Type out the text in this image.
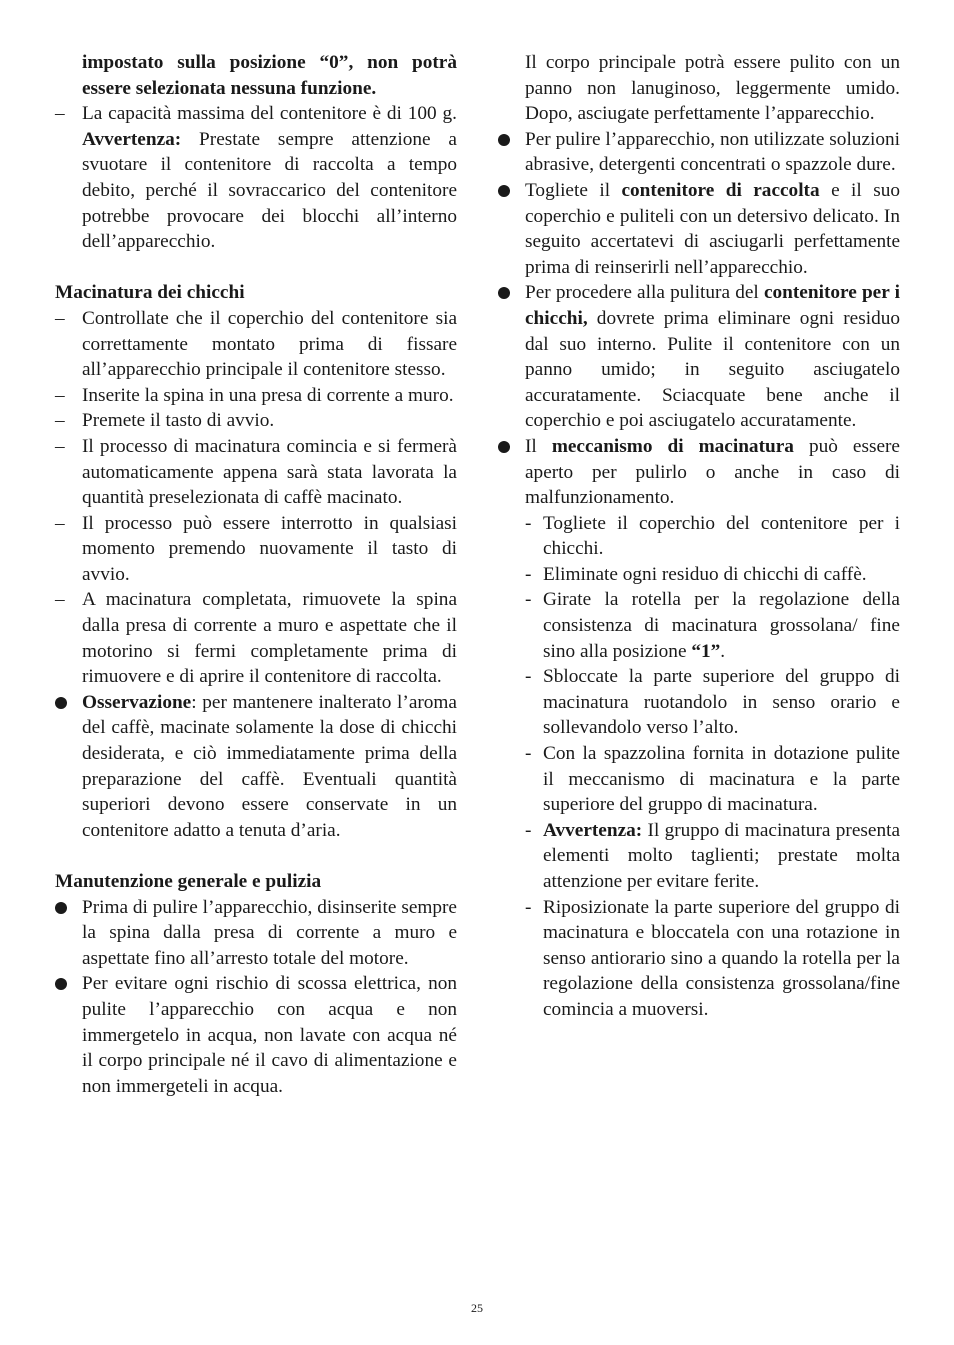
impostato sulla posizione “0”, non potrà essere selezionata nessuna funzione.

– La capacità massima del contenitore è di 100 g. Avvertenza: Prestate sempre attenzione a svuotare il contenitore di raccolta a tempo debito, perché il sovraccarico del contenitore potrebbe provocare dei blocchi all’interno dell’apparecchio.

Macinatura dei chicchi

– Controllate che il coperchio del contenitore sia correttamente montato prima di fissare all’apparecchio principale il contenitore stesso.
– Inserite la spina in una presa di corrente a muro.
– Premete il tasto di avvio.
– Il processo di macinatura comincia e si fermerà automaticamente appena sarà stata lavorata la quantità preselezionata di caffè macinato.
– Il processo può essere interrotto in qualsiasi momento premendo nuovamente il tasto di avvio.
– A macinatura completata, rimuovete la spina dalla presa di corrente a muro e aspettate che il motorino si fermi completamente prima di rimuovere e di aprire il contenitore di raccolta.
Osservazione: per mantenere inalterato l’aroma del caffè, macinate solamente la dose di chicchi desiderata, e ciò immediatamente prima della preparazione del caffè. Eventuali quantità superiori devono essere conservate in un contenitore adatto a tenuta d’aria.

Manutenzione generale e pulizia

Prima di pulire l’apparecchio, disinserite sempre la spina dalla presa di corrente a muro e aspettate fino all’arresto totale del motore.
Per evitare ogni rischio di scossa elettrica, non pulite l’apparecchio con acqua e non immergetelo in acqua, non lavate con acqua né il corpo principale né il cavo di alimentazione e non immergeteli in acqua.

Il corpo principale potrà essere pulito con un panno non lanuginoso, leggermente umido. Dopo, asciugate perfettamente l’apparecchio.

Per pulire l’apparecchio, non utilizzate soluzioni abrasive, detergenti concentrati o spazzole dure.
Togliete il contenitore di raccolta e il suo coperchio e puliteli con un detersivo delicato. In seguito accertatevi di asciugarli perfettamente prima di reinserirli nell’apparecchio.
Per procedere alla pulitura del contenitore per i chicchi, dovrete prima eliminare ogni residuo dal suo interno. Pulite il contenitore con un panno umido; in seguito asciugatelo accuratamente. Sciacquate bene anche il coperchio e poi asciugatelo accuratamente.
Il meccanismo di macinatura può essere aperto per pulirlo o anche in caso di malfunzionamento.
- Togliete il coperchio del contenitore per i chicchi.
- Eliminate ogni residuo di chicchi di caffè.
- Girate la rotella per la regolazione della consistenza di macinatura grossolana/ fine sino alla posizione “1”.
- Sbloccate la parte superiore del gruppo di macinatura ruotandolo in senso orario e sollevandolo verso l’alto.
- Con la spazzolina fornita in dotazione pulite il meccanismo di macinatura e la parte superiore del gruppo di macinatura.
- Avvertenza: Il gruppo di macinatura presenta elementi molto taglienti; prestate molta attenzione per evitare ferite.
- Riposizionate la parte superiore del gruppo di macinatura e bloccatela con una rotazione in senso antiorario sino a quando la rotella per la regolazione della consistenza grossolana/fine comincia a muoversi.
25
